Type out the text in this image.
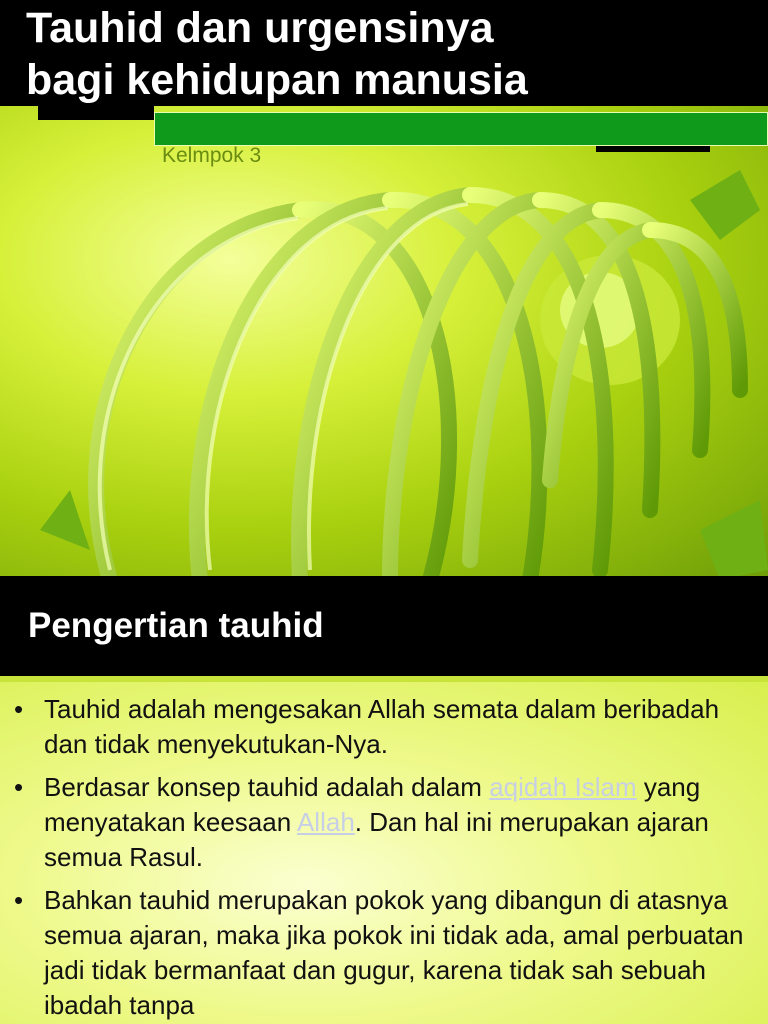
Tauhid dan urgensinya
bagi kehidupan manusia

Kelmpok 3

Pengertian tauhid
• Tauhid adalah mengesakan Allah semata dalam beribadah dan tidak menyekutukan-Nya.
• Berdasar konsep tauhid adalah dalam aqidah Islam yang menyatakan keesaan Allah. Dan hal ini merupakan ajaran semua Rasul.
• Bahkan tauhid merupakan pokok yang dibangun di atasnya semua ajaran, maka jika pokok ini tidak ada, amal perbuatan jadi tidak bermanfaat dan gugur, karena tidak sah sebuah ibadah tanpa
